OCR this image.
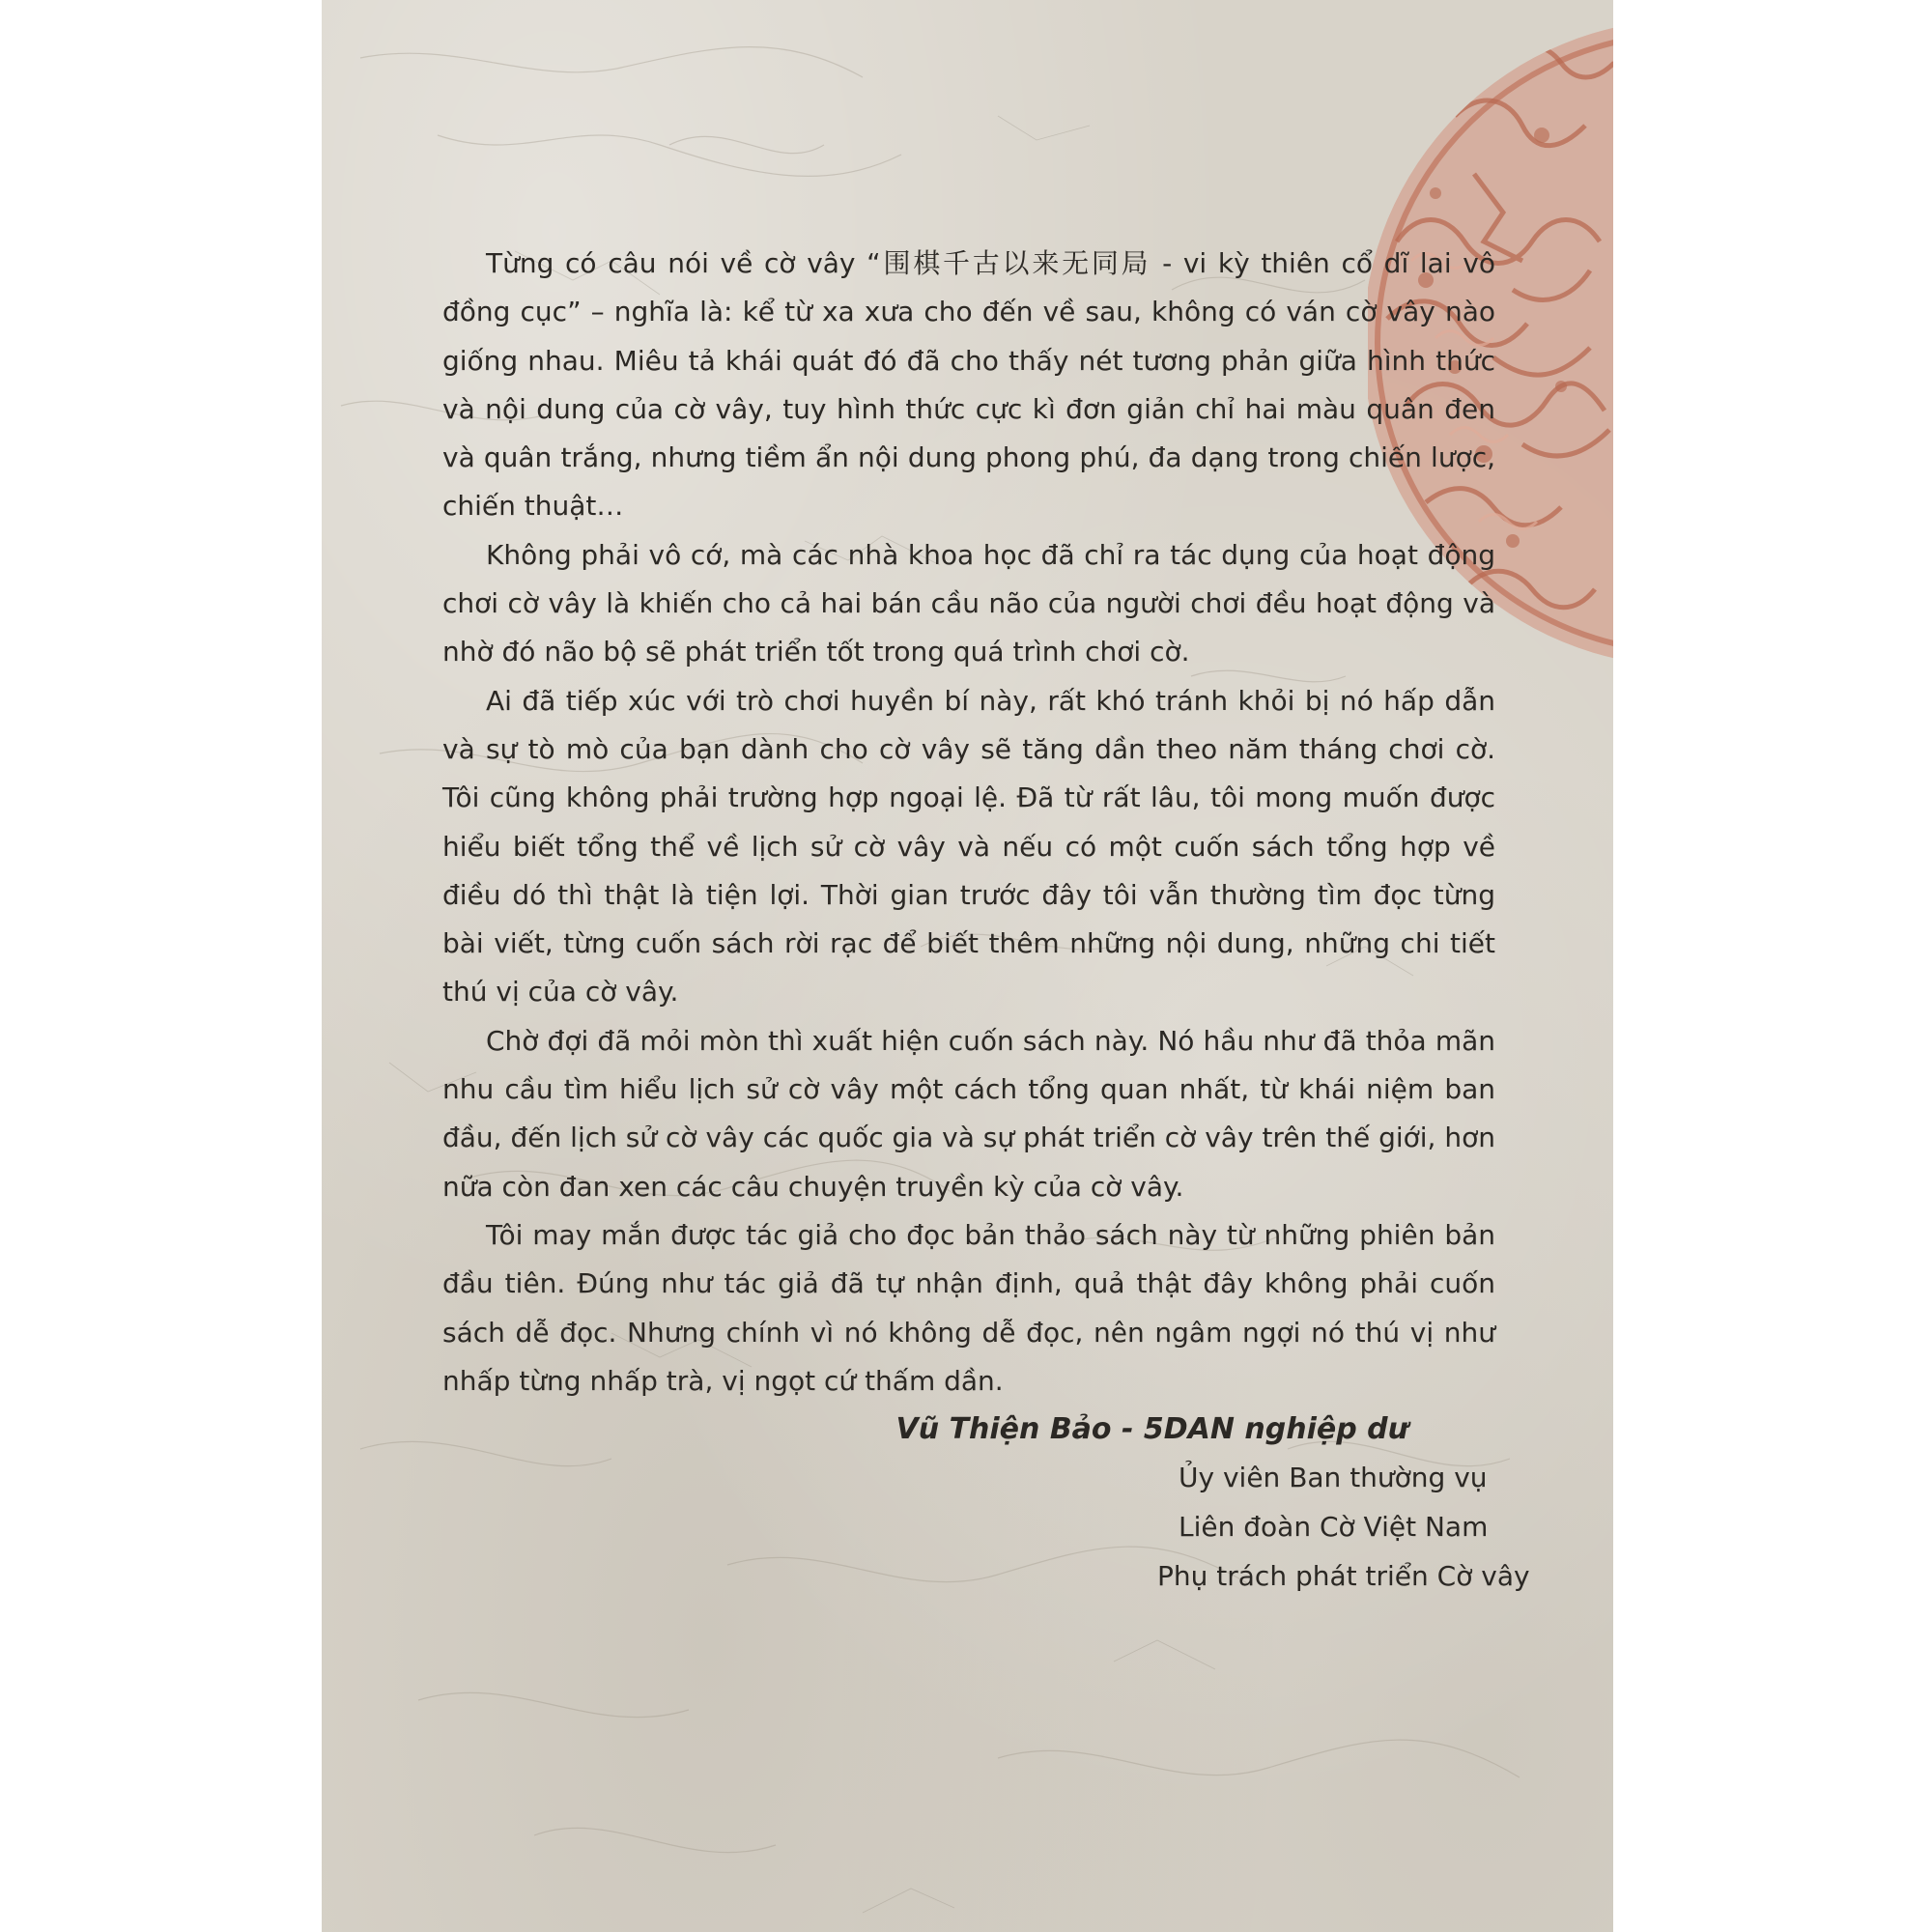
Từng có câu nói về cờ vây “围棋千古以来无同局 - vi kỳ thiên cổ dĩ lai vô đồng cục” – nghĩa là: kể từ xa xưa cho đến về sau, không có ván cờ vây nào giống nhau. Miêu tả khái quát đó đã cho thấy nét tương phản giữa hình thức và nội dung của cờ vây, tuy hình thức cực kì đơn giản chỉ hai màu quân đen và quân trắng, nhưng tiềm ẩn nội dung phong phú, đa dạng trong chiến lược, chiến thuật…

Không phải vô cớ, mà các nhà khoa học đã chỉ ra tác dụng của hoạt động chơi cờ vây là khiến cho cả hai bán cầu não của người chơi đều hoạt động và nhờ đó não bộ sẽ phát triển tốt trong quá trình chơi cờ.

Ai đã tiếp xúc với trò chơi huyền bí này, rất khó tránh khỏi bị nó hấp dẫn và sự tò mò của bạn dành cho cờ vây sẽ tăng dần theo năm tháng chơi cờ. Tôi cũng không phải trường hợp ngoại lệ. Đã từ rất lâu, tôi mong muốn được hiểu biết tổng thể về lịch sử cờ vây và nếu có một cuốn sách tổng hợp về điều dó thì thật là tiện lợi. Thời gian trước đây tôi vẫn thường tìm đọc từng bài viết, từng cuốn sách rời rạc để biết thêm những nội dung, những chi tiết thú vị của cờ vây.

Chờ đợi đã mỏi mòn thì xuất hiện cuốn sách này. Nó hầu như đã thỏa mãn nhu cầu tìm hiểu lịch sử cờ vây một cách tổng quan nhất, từ khái niệm ban đầu, đến lịch sử cờ vây các quốc gia và sự phát triển cờ vây trên thế giới, hơn nữa còn đan xen các câu chuyện truyền kỳ của cờ vây.

Tôi may mắn được tác giả cho đọc bản thảo sách này từ những phiên bản đầu tiên. Đúng như tác giả đã tự nhận định, quả thật đây không phải cuốn sách dễ đọc. Nhưng chính vì nó không dễ đọc, nên ngâm ngợi nó thú vị như nhấp từng nhấp trà, vị ngọt cứ thấm dần.

Vũ Thiện Bảo - 5DAN nghiệp dư
Ủy viên Ban thường vụ
Liên đoàn Cờ Việt Nam
Phụ trách phát triển Cờ vây
